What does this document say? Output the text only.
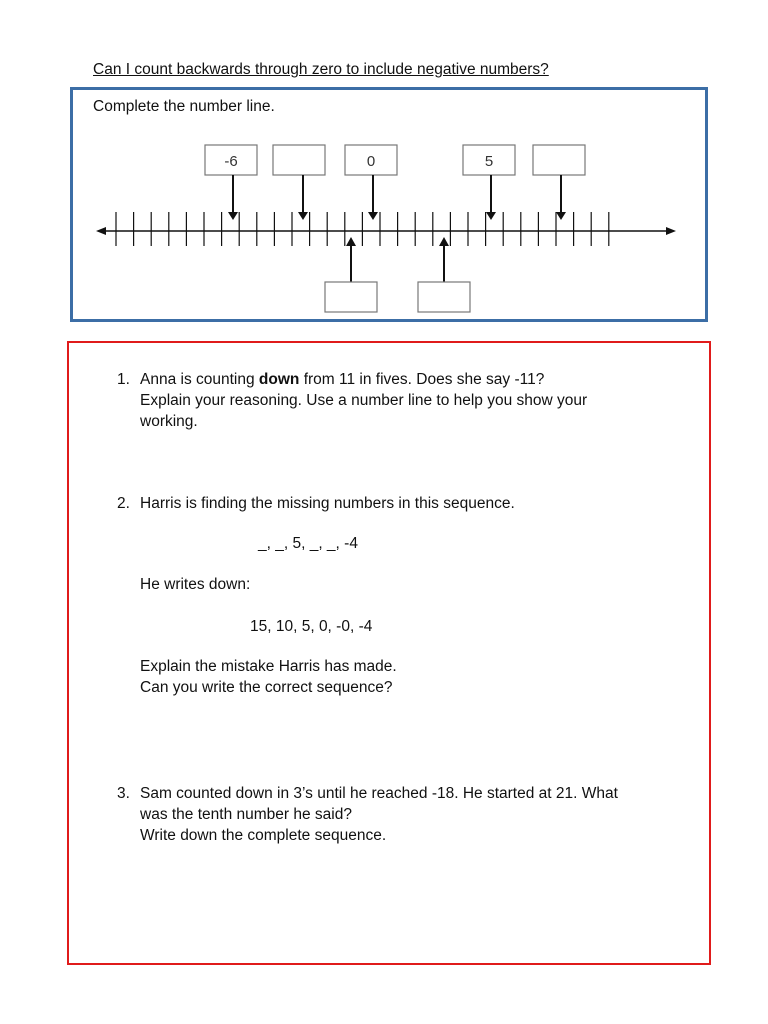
Can I count backwards through zero to include negative numbers?
Complete the number line.
-6	0	5
1. Anna is counting down from 11 in fives. Does she say -11?
Explain your reasoning. Use a number line to help you show your
working.
2. Harris is finding the missing numbers in this sequence.
_, _, 5, _, _, -4
He writes down:
15, 10, 5, 0, -0, -4
Explain the mistake Harris has made.
Can you write the correct sequence?
3. Sam counted down in 3’s until he reached -18. He started at 21. What
was the tenth number he said?
Write down the complete sequence.
